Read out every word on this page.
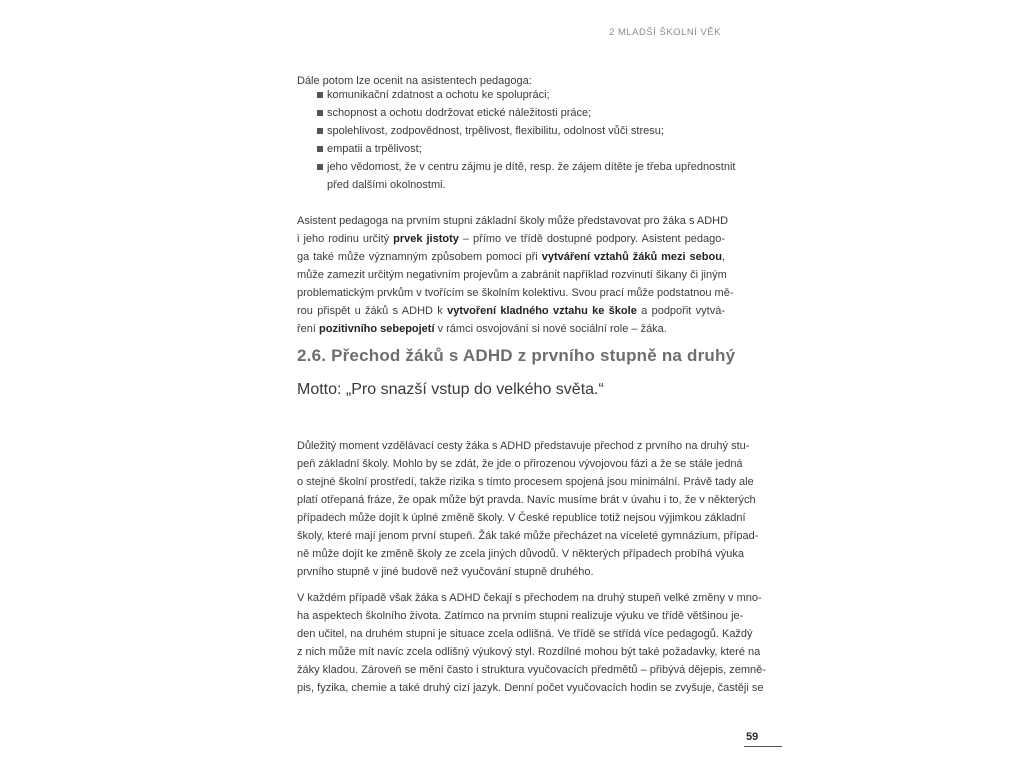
2 MLADŠÍ ŠKOLNÍ VĚK
Dále potom lze ocenit na asistentech pedagoga:
komunikační zdatnost a ochotu ke spolupráci;
schopnost a ochotu dodržovat etické náležitosti práce;
spolehlivost, zodpovědnost, trpělivost, flexibilitu, odolnost vůči stresu;
empatii a trpělivost;
jeho vědomost, že v centru zájmu je dítě, resp. že zájem dítěte je třeba upřednostnit
před dalšími okolnostmi.
Asistent pedagoga na prvním stupni základní školy může představovat pro žáka s ADHD
i jeho rodinu určitý prvek jistoty – přímo ve třídě dostupné podpory. Asistent pedago-
ga také může významným způsobem pomoci při vytváření vztahů žáků mezi sebou,
může zamezit určitým negativním projevům a zabránit například rozvinutí šikany či jiným
problematickým prvkům v tvořícím se školním kolektivu. Svou prací může podstatnou mě-
rou přispět u žáků s ADHD k vytvoření kladného vztahu ke škole a podpořit vytvá-
ření pozitivního sebepojetí v rámci osvojování si nové sociální role – žáka.
2.6. Přechod žáků s ADHD z prvního stupně na druhý
Motto: „Pro snazší vstup do velkého světa.“
Důležitý moment vzdělávací cesty žáka s ADHD představuje přechod z prvního na druhý stu-
peň základní školy. Mohlo by se zdát, že jde o přirozenou vývojovou fázi a že se stále jedná
o stejné školní prostředí, takže rizika s tímto procesem spojená jsou minimální. Právě tady ale
platí otřepaná fráze, že opak může být pravda. Navíc musíme brát v úvahu i to, že v některých
případech může dojít k úplné změně školy. V České republice totiž nejsou výjimkou základní
školy, které mají jenom první stupeň. Žák také může přecházet na víceleté gymnázium, případ-
ně může dojít ke změně školy ze zcela jiných důvodů. V některých případech probíhá výuka
prvního stupně v jiné budově než vyučování stupně druhého.
V každém případě však žáka s ADHD čekají s přechodem na druhý stupeň velké změny v mno-
ha aspektech školního života. Zatímco na prvním stupni realizuje výuku ve třídě většinou je-
den učitel, na druhém stupni je situace zcela odlišná. Ve třídě se střídá více pedagogů. Každý
z nich může mít navíc zcela odlišný výukový styl. Rozdílné mohou být také požadavky, které na
žáky kladou. Zároveň se mění často i struktura vyučovacích předmětů – přibývá dějepis, zemně-
pis, fyzika, chemie a také druhý cizí jazyk. Denní počet vyučovacích hodin se zvyšuje, častěji se
59
